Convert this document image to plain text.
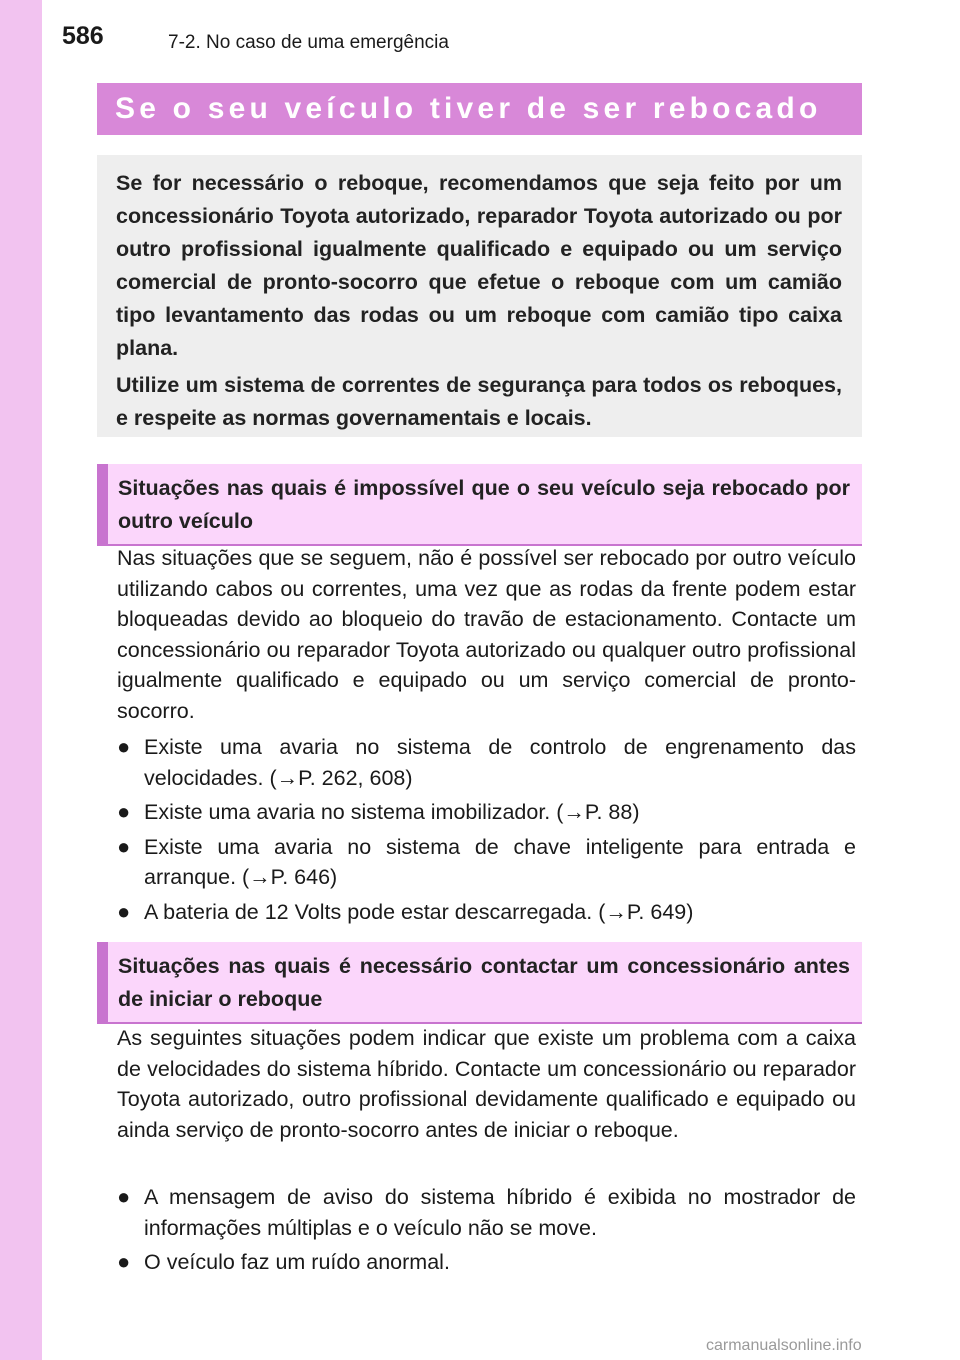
586	7-2. No caso de uma emergência
Se o seu veículo tiver de ser rebocado

Se for necessário o reboque, recomendamos que seja feito por um concessionário Toyota autorizado, reparador Toyota autorizado ou por outro profissional igualmente qualificado e equipado ou um serviço comercial de pronto-socorro que efetue o reboque com um camião tipo levantamento das rodas ou um reboque com camião tipo caixa plana.

Utilize um sistema de correntes de segurança para todos os reboques, e respeite as normas governamentais e locais.

Situações nas quais é impossível que o seu veículo seja rebocado por outro veículo

Nas situações que se seguem, não é possível ser rebocado por outro veículo utilizando cabos ou correntes, uma vez que as rodas da frente podem estar bloqueadas devido ao bloqueio do travão de estacionamento. Contacte um concessionário ou reparador Toyota autorizado ou qualquer outro profissional igualmente qualificado e equipado ou um serviço comercial de pronto-socorro.

● Existe uma avaria no sistema de controlo de engrenamento das velocidades. (→P. 262, 608)
● Existe uma avaria no sistema imobilizador. (→P. 88)
● Existe uma avaria no sistema de chave inteligente para entrada e arranque. (→P. 646)
● A bateria de 12 Volts pode estar descarregada. (→P. 649)
Situações nas quais é necessário contactar um concessionário antes de iniciar o reboque

As seguintes situações podem indicar que existe um problema com a caixa de velocidades do sistema híbrido. Contacte um concessionário ou reparador Toyota autorizado, outro profissional devidamente qualificado e equipado ou ainda serviço de pronto-socorro antes de iniciar o reboque.

● A mensagem de aviso do sistema híbrido é exibida no mostrador de informações múltiplas e o veículo não se move.
● O veículo faz um ruído anormal.
carmanualsonline.info
